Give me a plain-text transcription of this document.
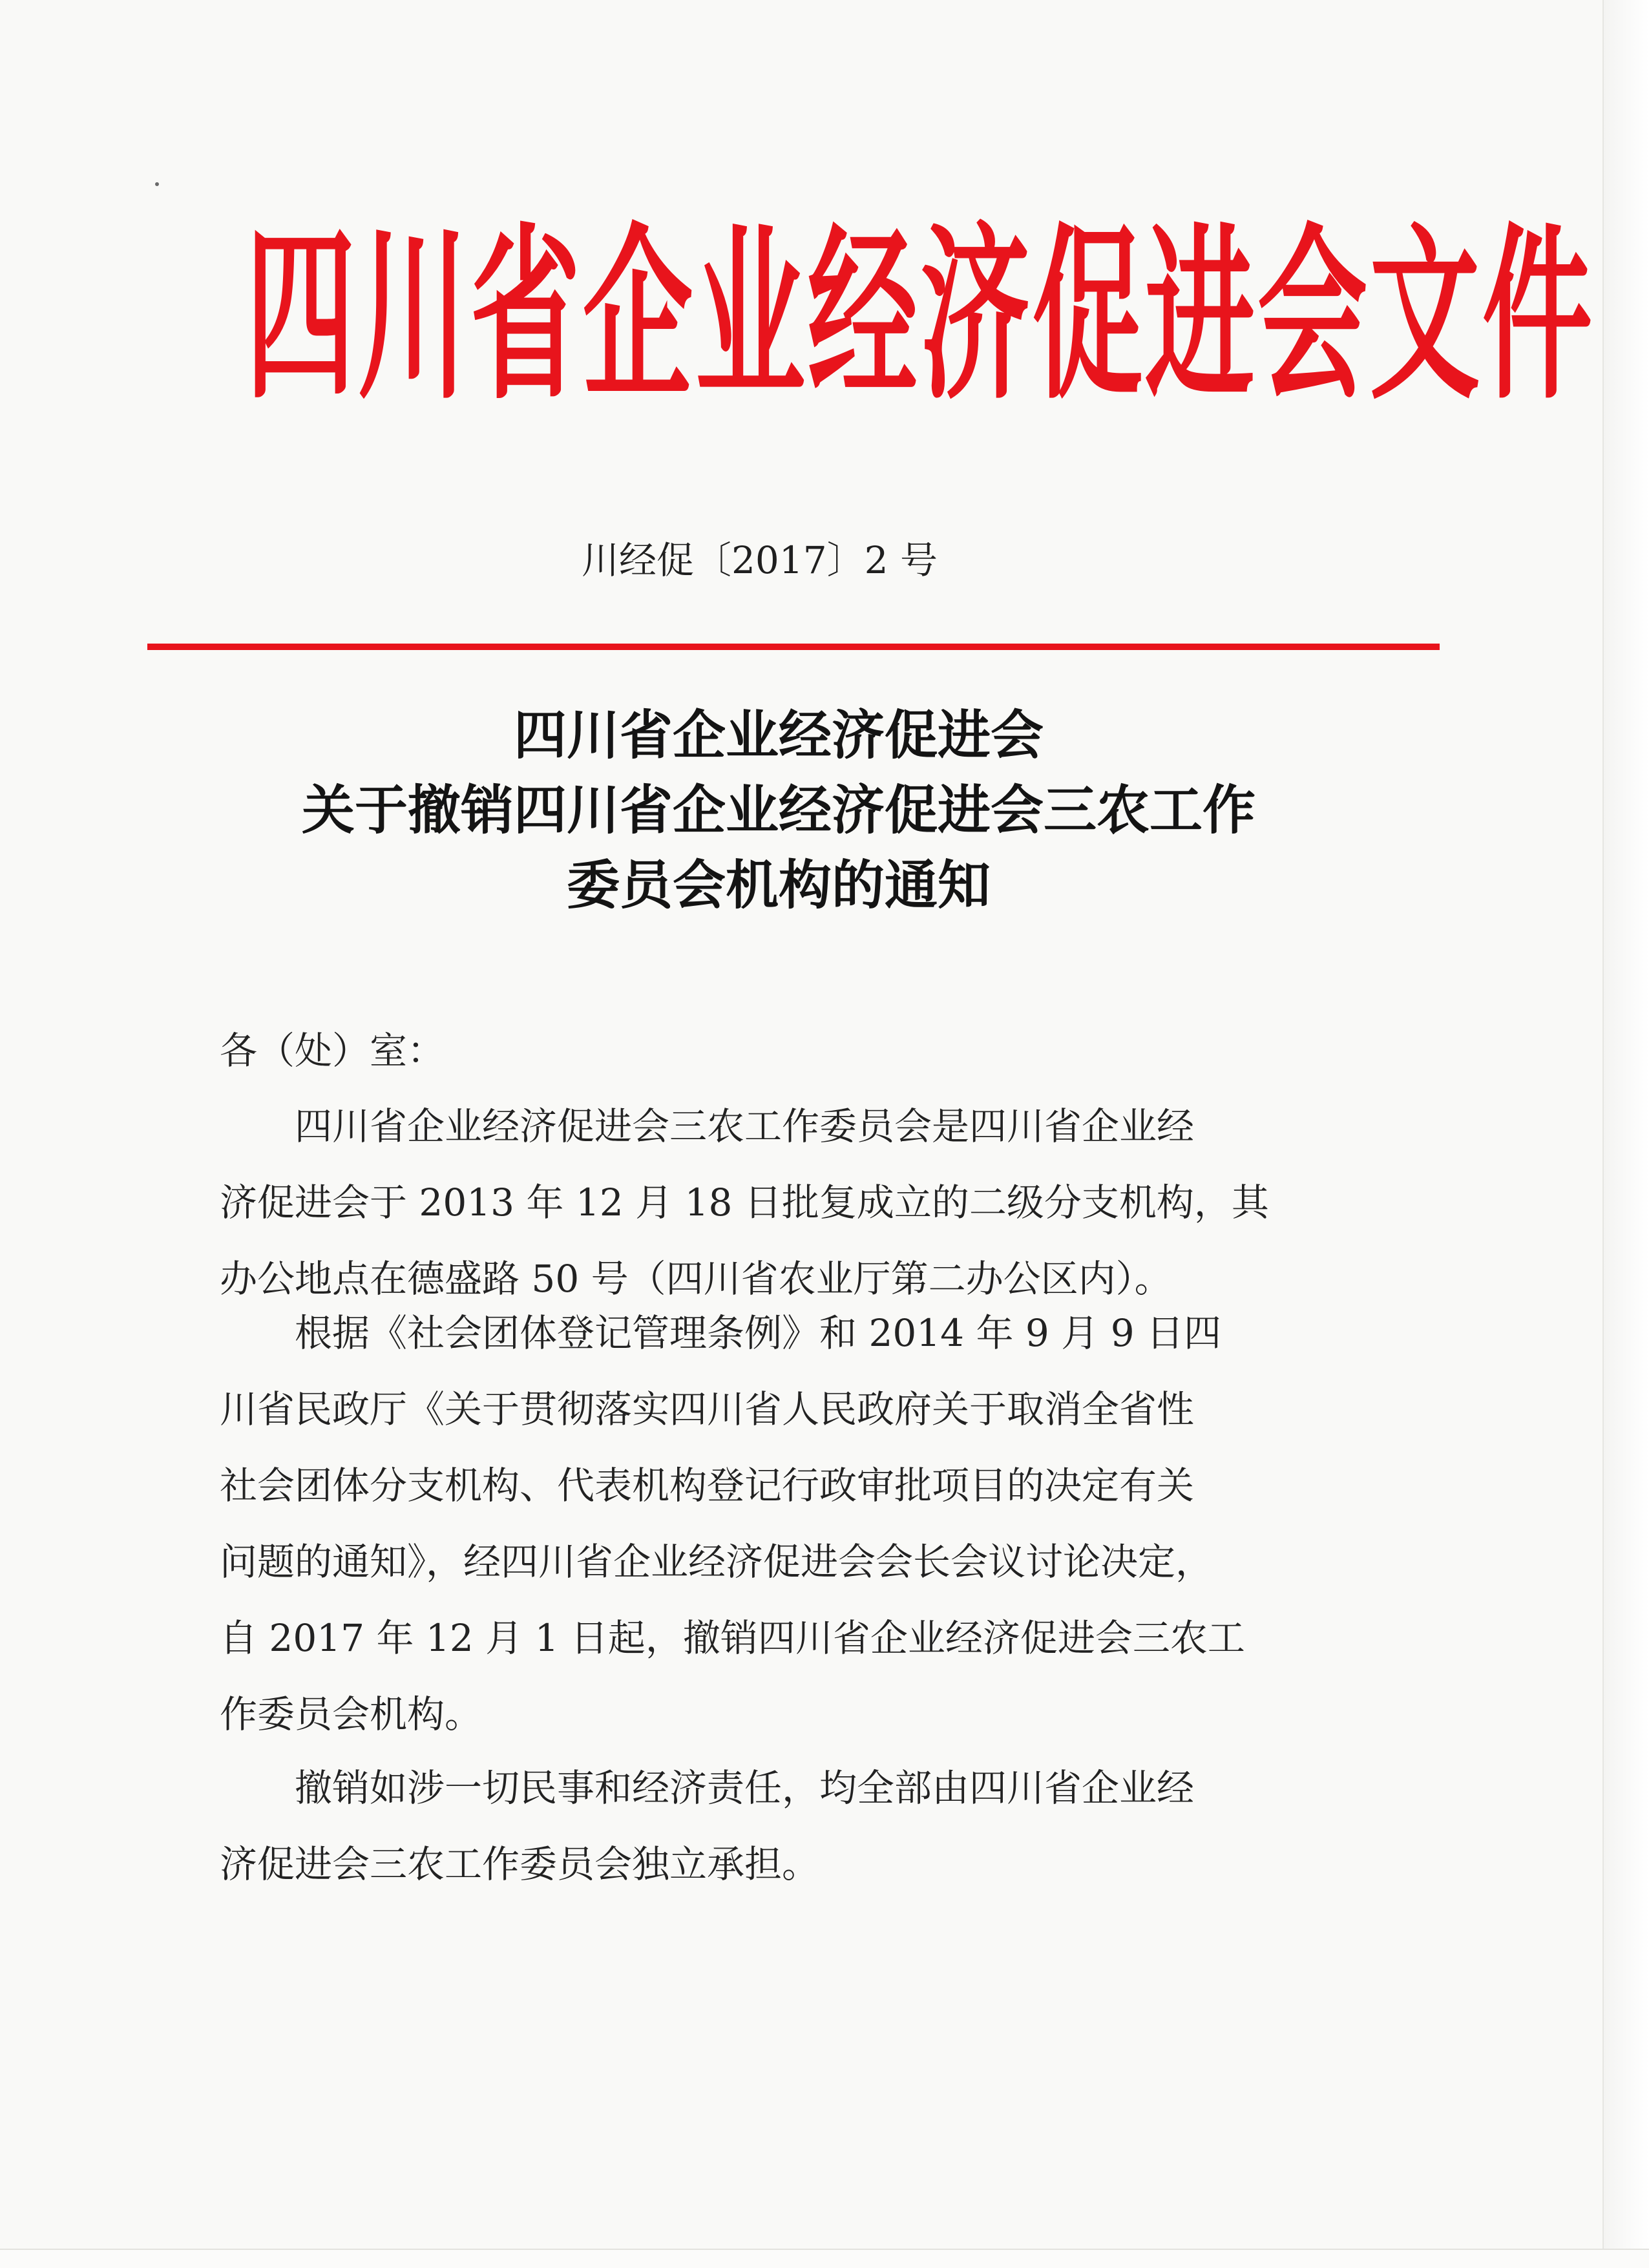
四川省企业经济促进会文件
川经促〔2017〕2 号
四川省企业经济促进会
关于撤销四川省企业经济促进会三农工作
委员会机构的通知
各（处）室：
四川省企业经济促进会三农工作委员会是四川省企业经
济促进会于 2013 年 12 月 18 日批复成立的二级分支机构，其
办公地点在德盛路 50 号（四川省农业厅第二办公区内）。
根据《社会团体登记管理条例》和 2014 年 9 月 9 日四
川省民政厅《关于贯彻落实四川省人民政府关于取消全省性
社会团体分支机构、代表机构登记行政审批项目的决定有关
问题的通知》，经四川省企业经济促进会会长会议讨论决定，
自 2017 年 12 月 1 日起，撤销四川省企业经济促进会三农工
作委员会机构。
撤销如涉一切民事和经济责任，均全部由四川省企业经
济促进会三农工作委员会独立承担。
